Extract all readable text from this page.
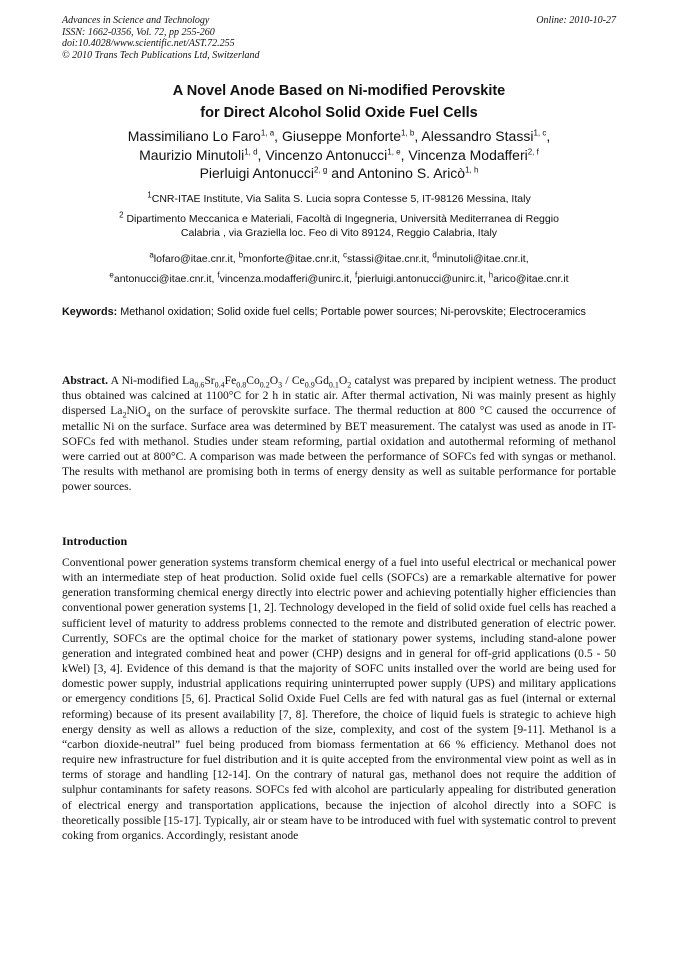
Advances in Science and Technology
ISSN: 1662-0356, Vol. 72, pp 255-260
doi:10.4028/www.scientific.net/AST.72.255
© 2010 Trans Tech Publications Ltd, Switzerland
Online: 2010-10-27
A Novel Anode Based on Ni-modified Perovskite
for Direct Alcohol Solid Oxide Fuel Cells
Massimiliano Lo Faro$^{1, a}$, Giuseppe Monforte$^{1, b}$, Alessandro Stassi$^{1, c}$,
Maurizio Minutoli$^{1, d}$, Vincenzo Antonucci$^{1, e}$, Vincenza Modafferi$^{2, f}$
Pierluigi Antonucci$^{2, g}$ and Antonino S. Aricò$^{1, h}$
$^1$CNR-ITAE Institute, Via Salita S. Lucia sopra Contesse 5, IT-98126 Messina, Italy
$^2$ Dipartimento Meccanica e Materiali, Facoltà di Ingegneria, Università Mediterranea di Reggio
Calabria , via Graziella loc. Feo di Vito 89124, Reggio Calabria, Italy
$^a$lofaro@itae.cnr.it, $^b$monforte@itae.cnr.it, $^c$stassi@itae.cnr.it, $^d$minutoli@itae.cnr.it,
$^e$antonucci@itae.cnr.it, $^f$vincenza.modafferi@unirc.it, $^f$pierluigi.antonucci@unirc.it, $^h$arico@itae.cnr.it
Keywords: Methanol oxidation; Solid oxide fuel cells; Portable power sources; Ni-perovskite; Electroceramics
Abstract. A Ni-modified $La_{0.6}Sr_{0.4}Fe_{0.8}Co_{0.2}O_3 / Ce_{0.9}Gd_{0.1}O_2$ catalyst was prepared by incipient wetness. The product thus obtained was calcined at 1100°C for 2 h in static air. After thermal activation, Ni was mainly present as highly dispersed $La_2NiO_4$ on the surface of perovskite surface. The thermal reduction at 800 °C caused the occurrence of metallic Ni on the surface. Surface area was determined by BET measurement. The catalyst was used as anode in IT-SOFCs fed with methanol. Studies under steam reforming, partial oxidation and autothermal reforming of methanol were carried out at 800°C. A comparison was made between the performance of SOFCs fed with syngas or methanol. The results with methanol are promising both in terms of energy density as well as suitable performance for portable power sources.
Introduction
Conventional power generation systems transform chemical energy of a fuel into useful electrical or mechanical power with an intermediate step of heat production. Solid oxide fuel cells (SOFCs) are a remarkable alternative for power generation transforming chemical energy directly into electric power and achieving potentially higher efficiencies than conventional power generation systems [1, 2]. Technology developed in the field of solid oxide fuel cells has reached a sufficient level of maturity to address problems connected to the remote and distributed generation of electric power. Currently, SOFCs are the optimal choice for the market of stationary power systems, including stand-alone power generation and integrated combined heat and power (CHP) designs and in general for off-grid applications (0.5 - 50 kWel) [3, 4]. Evidence of this demand is that the majority of SOFC units installed over the world are being used for domestic power supply, industrial applications requiring uninterrupted power supply (UPS) and military applications or emergency conditions [5, 6]. Practical Solid Oxide Fuel Cells are fed with natural gas as fuel (internal or external reforming) because of its present availability [7, 8]. Therefore, the choice of liquid fuels is strategic to achieve high energy density as well as allows a reduction of the size, complexity, and cost of the system [9-11]. Methanol is a “carbon dioxide-neutral” fuel being produced from biomass fermentation at 66 % efficiency. Methanol does not require new infrastructure for fuel distribution and it is quite accepted from the environmental view point as well as in terms of storage and handling [12-14]. On the contrary of natural gas, methanol does not require the addition of sulphur contaminants for safety reasons. SOFCs fed with alcohol are particularly appealing for distributed generation of electrical energy and transportation applications, because the injection of alcohol directly into a SOFC is theoretically possible [15-17]. Typically, air or steam have to be introduced with fuel with systematic control to prevent coking from organics. Accordingly, resistant anode
